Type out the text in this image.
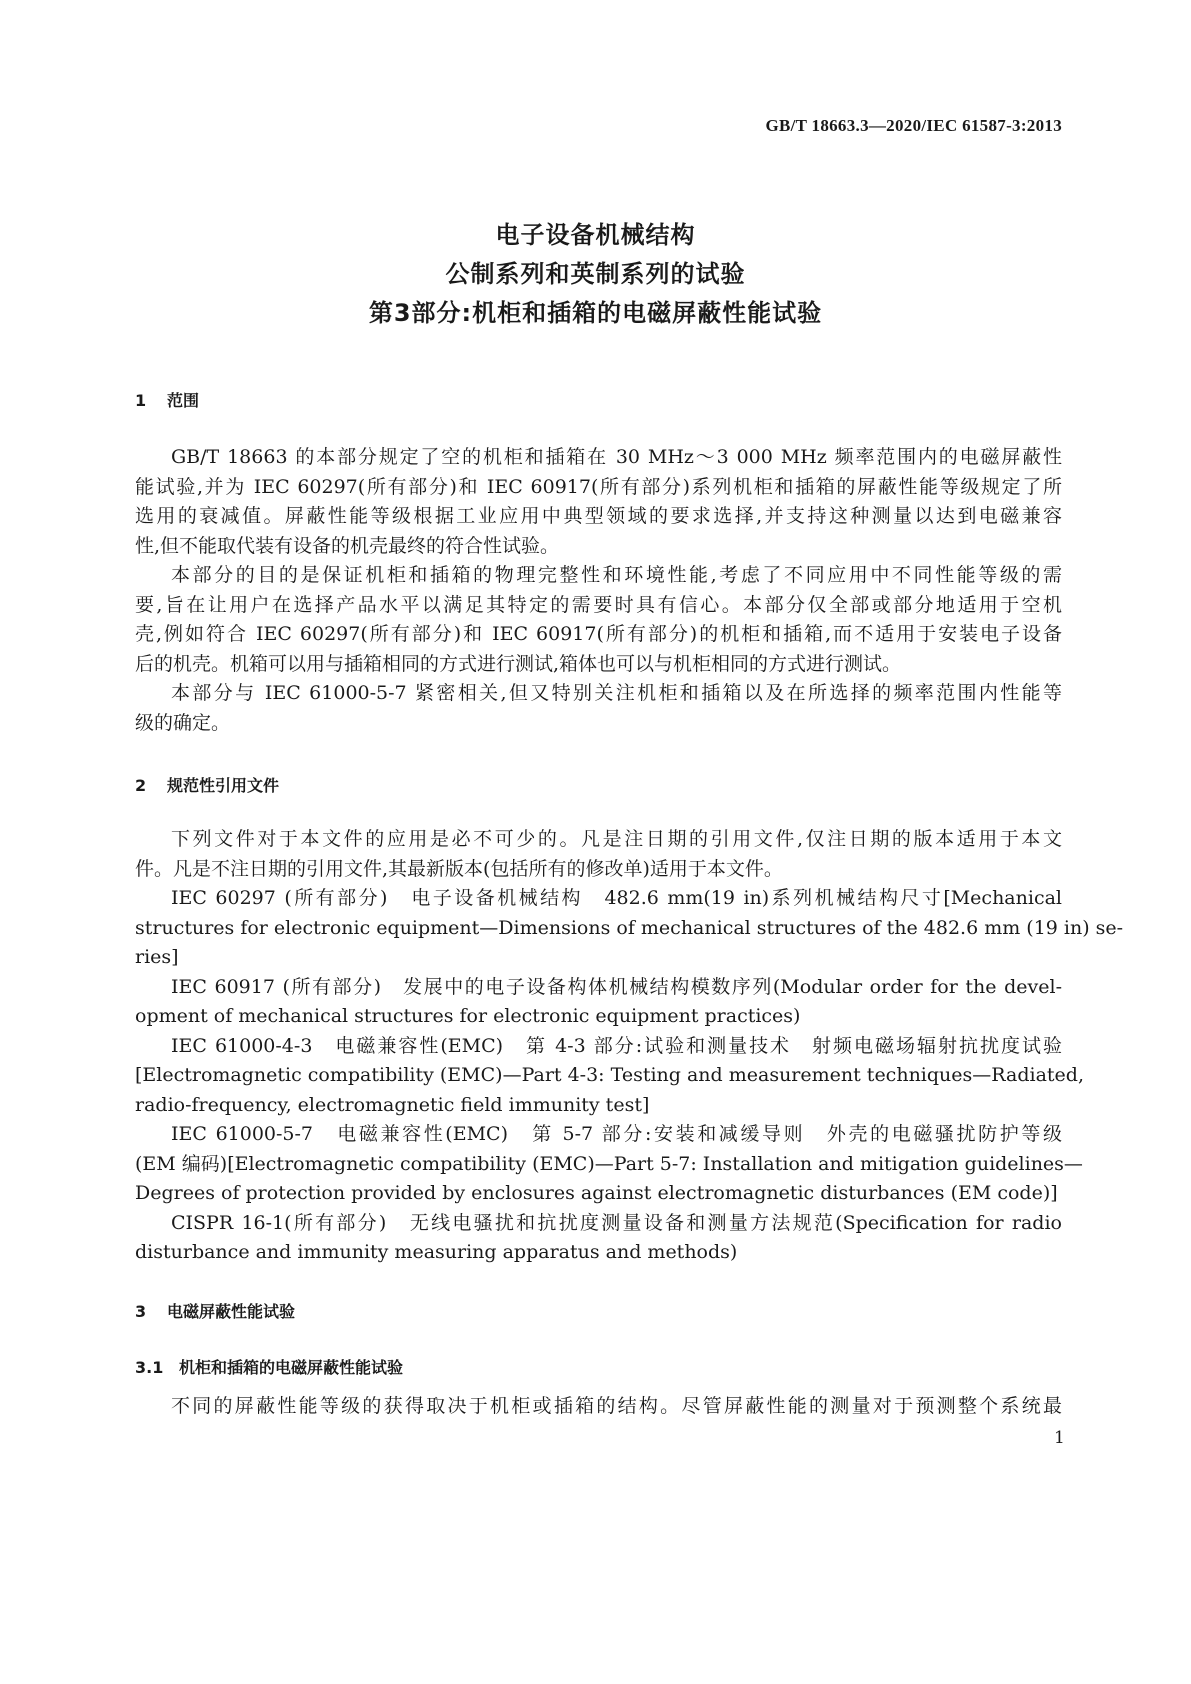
GB/T 18663.3—2020/IEC 61587-3:2013
电子设备机械结构
公制系列和英制系列的试验
第3部分:机柜和插箱的电磁屏蔽性能试验
1 范围
GB/T 18663 的本部分规定了空的机柜和插箱在 30 MHz～3 000 MHz 频率范围内的电磁屏蔽性
能试验,并为 IEC 60297(所有部分)和 IEC 60917(所有部分)系列机柜和插箱的屏蔽性能等级规定了所
选用的衰减值。屏蔽性能等级根据工业应用中典型领域的要求选择,并支持这种测量以达到电磁兼容
性,但不能取代装有设备的机壳最终的符合性试验。
本部分的目的是保证机柜和插箱的物理完整性和环境性能,考虑了不同应用中不同性能等级的需
要,旨在让用户在选择产品水平以满足其特定的需要时具有信心。本部分仅全部或部分地适用于空机
壳,例如符合 IEC 60297(所有部分)和 IEC 60917(所有部分)的机柜和插箱,而不适用于安装电子设备
后的机壳。机箱可以用与插箱相同的方式进行测试,箱体也可以与机柜相同的方式进行测试。
本部分与 IEC 61000-5-7 紧密相关,但又特别关注机柜和插箱以及在所选择的频率范围内性能等
级的确定。
2 规范性引用文件
下列文件对于本文件的应用是必不可少的。凡是注日期的引用文件,仅注日期的版本适用于本文
件。凡是不注日期的引用文件,其最新版本(包括所有的修改单)适用于本文件。
IEC 60297 (所有部分)　电子设备机械结构　482.6 mm(19 in)系列机械结构尺寸[Mechanical
structures for electronic equipment—Dimensions of mechanical structures of the 482.6 mm (19 in) se-
ries]
IEC 60917 (所有部分)　发展中的电子设备构体机械结构模数序列(Modular order for the devel-
opment of mechanical structures for electronic equipment practices)
IEC 61000-4-3　电磁兼容性(EMC)　第 4-3 部分:试验和测量技术　射频电磁场辐射抗扰度试验
[Electromagnetic compatibility (EMC)—Part 4-3: Testing and measurement techniques—Radiated,
radio-frequency, electromagnetic field immunity test]
IEC 61000-5-7　电磁兼容性(EMC)　第 5-7 部分:安装和减缓导则　外壳的电磁骚扰防护等级
(EM 编码)[Electromagnetic compatibility (EMC)—Part 5-7: Installation and mitigation guidelines—
Degrees of protection provided by enclosures against electromagnetic disturbances (EM code)]
CISPR 16-1(所有部分)　无线电骚扰和抗扰度测量设备和测量方法规范(Specification for radio
disturbance and immunity measuring apparatus and methods)
3 电磁屏蔽性能试验
3.1 机柜和插箱的电磁屏蔽性能试验
不同的屏蔽性能等级的获得取决于机柜或插箱的结构。尽管屏蔽性能的测量对于预测整个系统最
1
